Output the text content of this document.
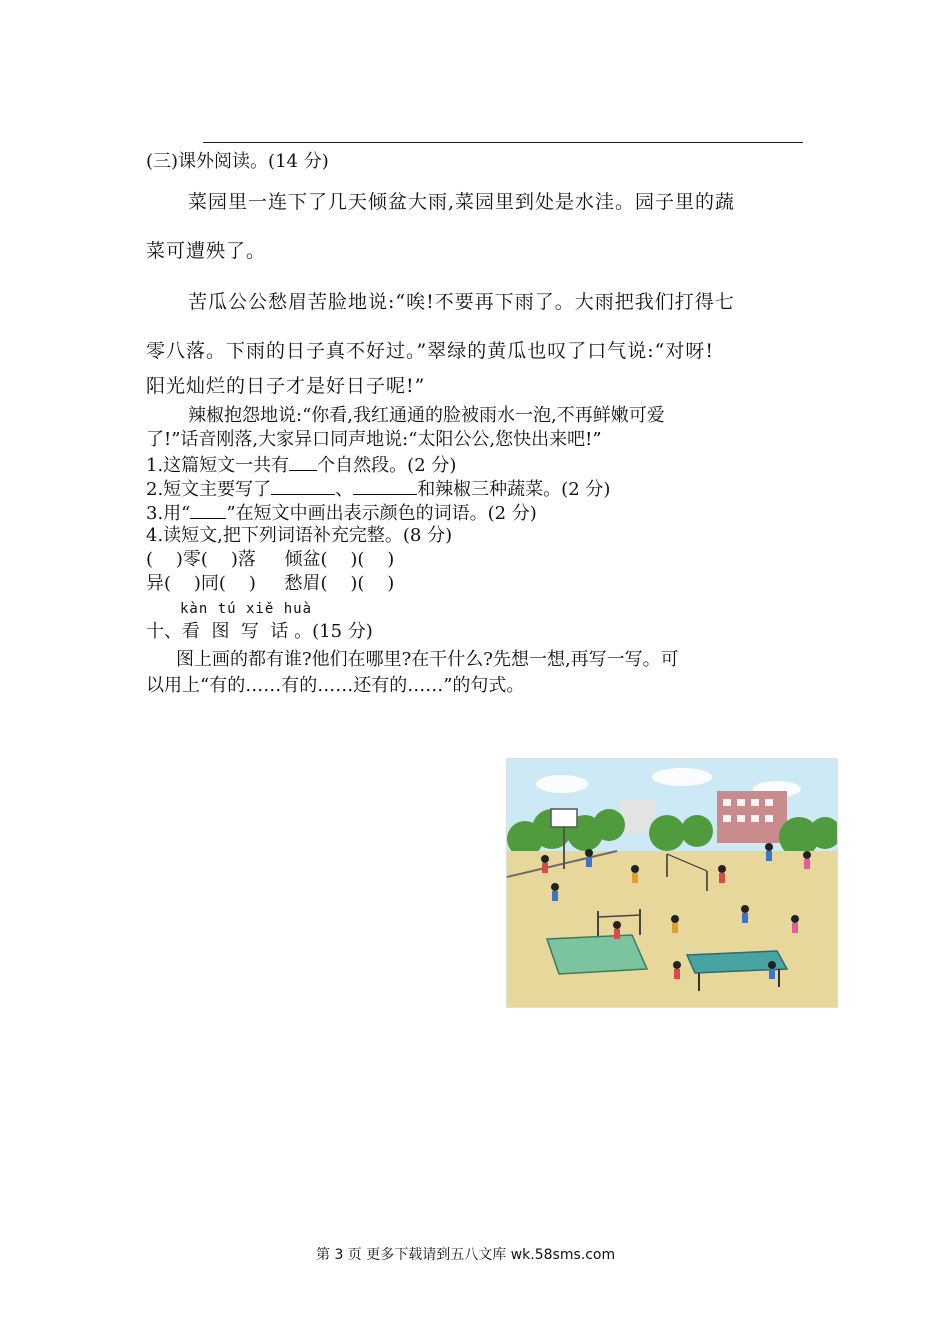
(三)课外阅读。(14 分)
菜园里一连下了几天倾盆大雨,菜园里到处是水洼。园子里的蔬
菜可遭殃了。
苦瓜公公愁眉苦脸地说:“唉!不要再下雨了。大雨把我们打得七
零八落。下雨的日子真不好过。”翠绿的黄瓜也叹了口气说:“对呀!
阳光灿烂的日子才是好日子呢!”
辣椒抱怨地说:“你看,我红通通的脸被雨水一泡,不再鲜嫩可爱
了!”话音刚落,大家异口同声地说:“太阳公公,您快出来吧!”
1.这篇短文一共有 个自然段。(2 分)
2.短文主要写了	、	和辣椒三种蔬菜。(2 分)
3.用“ ”在短文中画出表示颜色的词语。(2 分)
4.读短文,把下列词语补充完整。(8 分)
(    )零(    )落     倾盆(    )(    )
异(    )同(    )     愁眉(    )(    )
kàn tú xiě huà
十、看 图 写 话 。(15 分)
图上画的都有谁?他们在哪里?在干什么?先想一想,再写一写。可
以用上“有的……有的……还有的……”的句式。
第 3 页 更多下载请到五八文库 wk.58sms.com
